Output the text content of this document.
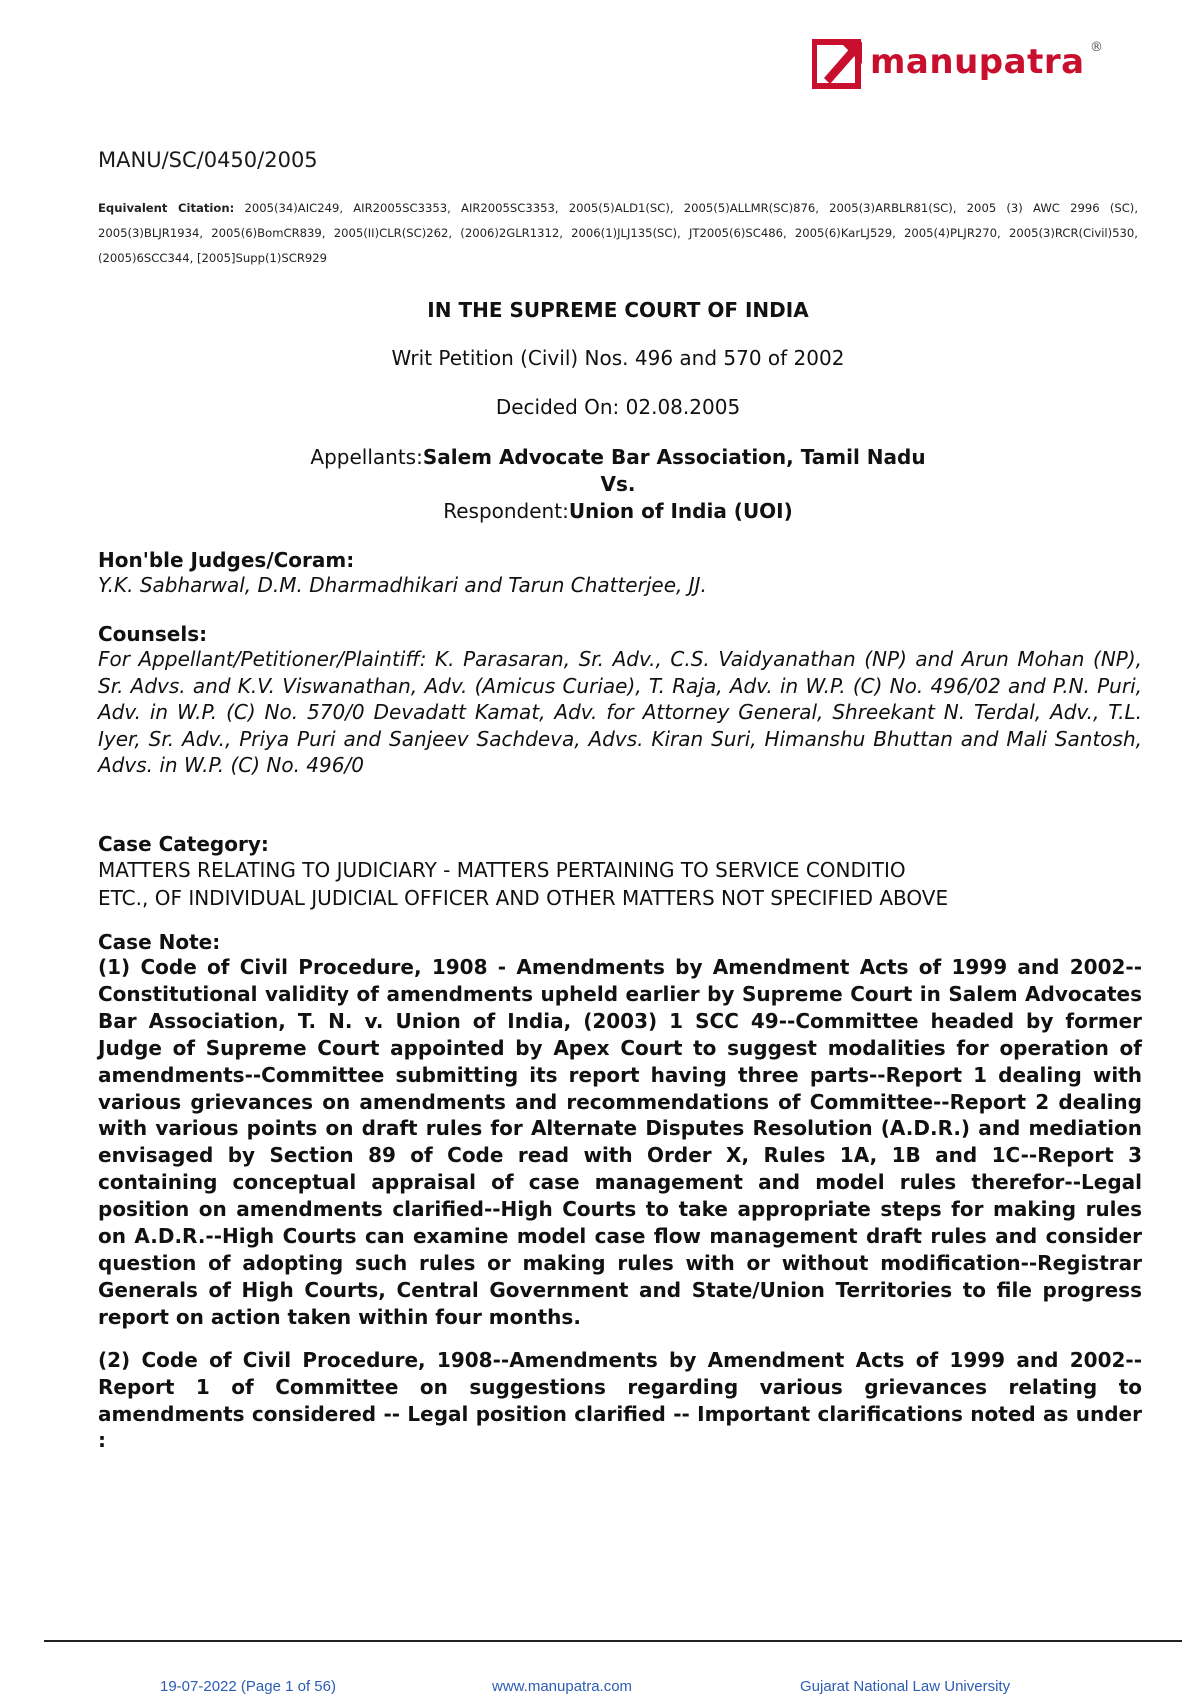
manupatra ®
MANU/SC/0450/2005
Equivalent Citation: 2005(34)AIC249, AIR2005SC3353, AIR2005SC3353, 2005(5)ALD1(SC), 2005(5)ALLMR(SC)876, 2005(3)ARBLR81(SC), 2005 (3) AWC 2996 (SC), 2005(3)BLJR1934, 2005(6)BomCR839, 2005(II)CLR(SC)262, (2006)2GLR1312, 2006(1)JLJ135(SC), JT2005(6)SC486, 2005(6)KarLJ529, 2005(4)PLJR270, 2005(3)RCR(Civil)530, (2005)6SCC344, [2005]Supp(1)SCR929
IN THE SUPREME COURT OF INDIA
Writ Petition (Civil) Nos. 496 and 570 of 2002
Decided On: 02.08.2005
Appellants:Salem Advocate Bar Association, Tamil Nadu
Vs.
Respondent:Union of India (UOI)
Hon'ble Judges/Coram:
Y.K. Sabharwal, D.M. Dharmadhikari and Tarun Chatterjee, JJ.
Counsels:
For Appellant/Petitioner/Plaintiff: K. Parasaran, Sr. Adv., C.S. Vaidyanathan (NP) and Arun Mohan (NP), Sr. Advs. and K.V. Viswanathan, Adv. (Amicus Curiae), T. Raja, Adv. in W.P. (C) No. 496/02 and P.N. Puri, Adv. in W.P. (C) No. 570/0 Devadatt Kamat, Adv. for Attorney General, Shreekant N. Terdal, Adv., T.L. Iyer, Sr. Adv., Priya Puri and Sanjeev Sachdeva, Advs. Kiran Suri, Himanshu Bhuttan and Mali Santosh, Advs. in W.P. (C) No. 496/0
Case Category:
MATTERS RELATING TO JUDICIARY - MATTERS PERTAINING TO SERVICE CONDITIO
ETC., OF INDIVIDUAL JUDICIAL OFFICER AND OTHER MATTERS NOT SPECIFIED ABOVE
Case Note:

(1) Code of Civil Procedure, 1908 - Amendments by Amendment Acts of 1999 and 2002--Constitutional validity of amendments upheld earlier by Supreme Court in Salem Advocates Bar Association, T. N. v. Union of India, (2003) 1 SCC 49--Committee headed by former Judge of Supreme Court appointed by Apex Court to suggest modalities for operation of amendments--Committee submitting its report having three parts--Report 1 dealing with various grievances on amendments and recommendations of Committee--Report 2 dealing with various points on draft rules for Alternate Disputes Resolution (A.D.R.) and mediation envisaged by Section 89 of Code read with Order X, Rules 1A, 1B and 1C--Report 3 containing conceptual appraisal of case management and model rules therefor--Legal position on amendments clarified--High Courts to take appropriate steps for making rules on A.D.R.--High Courts can examine model case flow management draft rules and consider question of adopting such rules or making rules with or without modification--Registrar Generals of High Courts, Central Government and State/Union Territories to file progress report on action taken within four months.

(2) Code of Civil Procedure, 1908--Amendments by Amendment Acts of 1999 and 2002--Report 1 of Committee on suggestions regarding various grievances relating to amendments considered -- Legal position clarified -- Important clarifications noted as under :

19-07-2022 (Page 1 of 56)	www.manupatra.com	Gujarat National Law University
